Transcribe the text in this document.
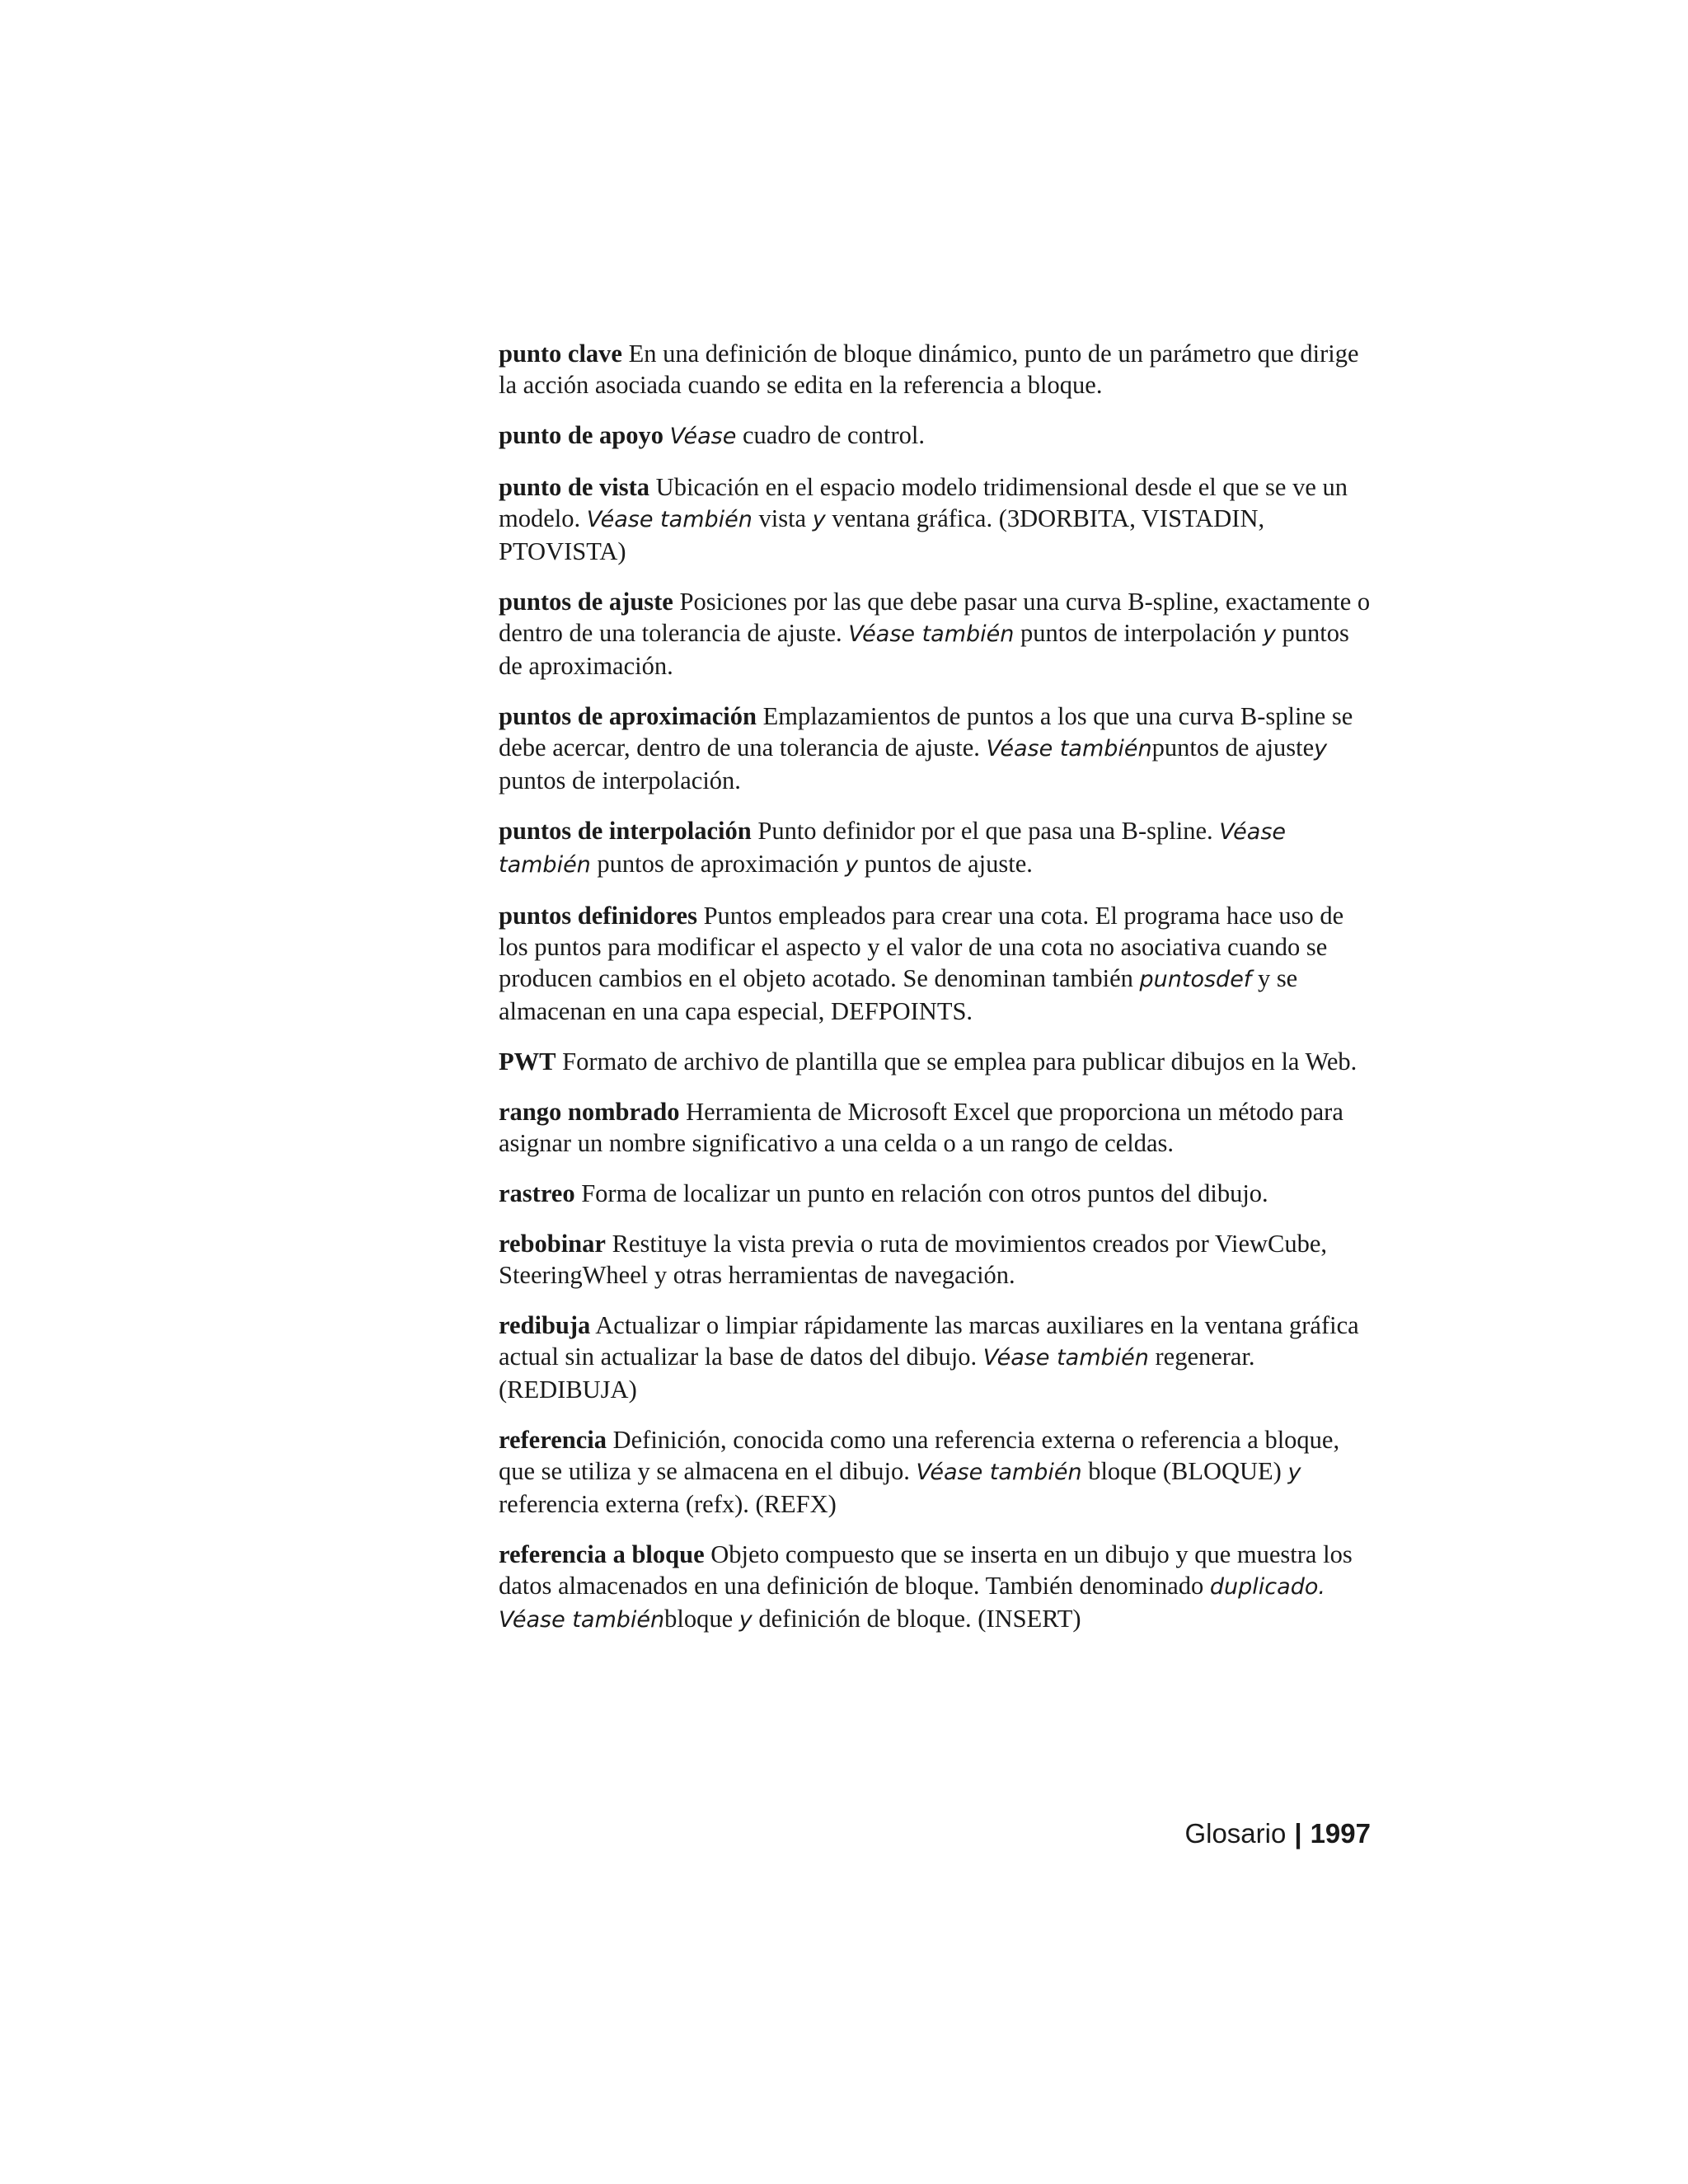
punto clave En una definición de bloque dinámico, punto de un parámetro que dirige la acción asociada cuando se edita en la referencia a bloque.

punto de apoyo Véase cuadro de control.

punto de vista Ubicación en el espacio modelo tridimensional desde el que se ve un modelo. Véase también vista y ventana gráfica. (3DORBITA, VISTADIN, PTOVISTA)

puntos de ajuste Posiciones por las que debe pasar una curva B-spline, exactamente o dentro de una tolerancia de ajuste. Véase también puntos de interpolación y puntos de aproximación.

puntos de aproximación Emplazamientos de puntos a los que una curva B-spline se debe acercar, dentro de una tolerancia de ajuste. Véase tambiénpuntos de ajustey puntos de interpolación.

puntos de interpolación Punto definidor por el que pasa una B-spline. Véase también puntos de aproximación y puntos de ajuste.

puntos definidores Puntos empleados para crear una cota. El programa hace uso de los puntos para modificar el aspecto y el valor de una cota no asociativa cuando se producen cambios en el objeto acotado. Se denominan también puntosdef y se almacenan en una capa especial, DEFPOINTS.

PWT Formato de archivo de plantilla que se emplea para publicar dibujos en la Web.

rango nombrado Herramienta de Microsoft Excel que proporciona un método para asignar un nombre significativo a una celda o a un rango de celdas.

rastreo Forma de localizar un punto en relación con otros puntos del dibujo.

rebobinar Restituye la vista previa o ruta de movimientos creados por ViewCube, SteeringWheel y otras herramientas de navegación.

redibuja Actualizar o limpiar rápidamente las marcas auxiliares en la ventana gráfica actual sin actualizar la base de datos del dibujo. Véase también regenerar. (REDIBUJA)

referencia Definición, conocida como una referencia externa o referencia a bloque, que se utiliza y se almacena en el dibujo. Véase también bloque (BLOQUE) y referencia externa (refx). (REFX)

referencia a bloque Objeto compuesto que se inserta en un dibujo y que muestra los datos almacenados en una definición de bloque. También denominado duplicado. Véase tambiénbloque y definición de bloque. (INSERT)

Glosario | 1997
